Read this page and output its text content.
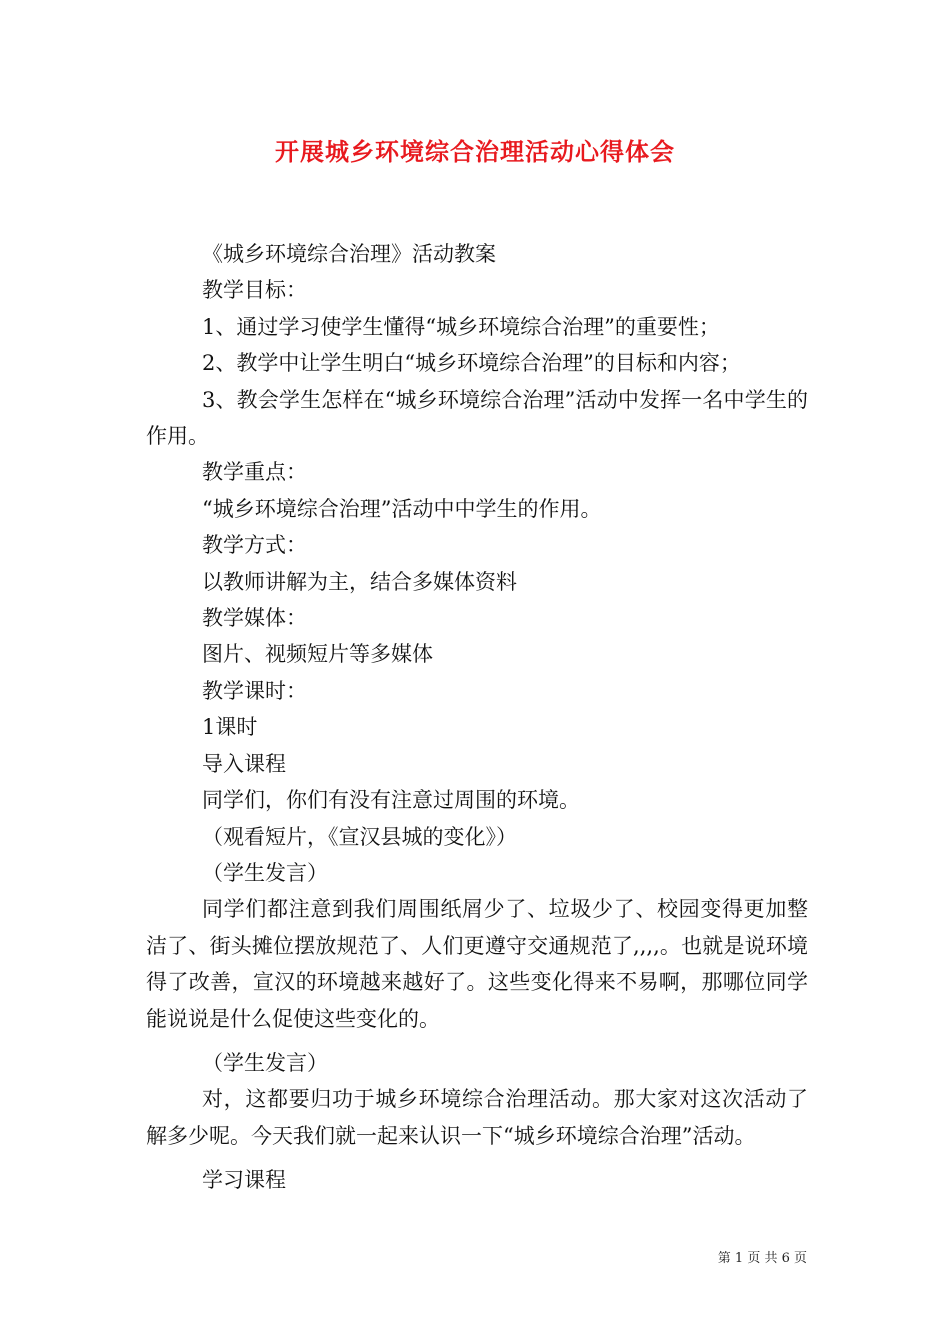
开展城乡环境综合治理活动心得体会

《城乡环境综合治理》活动教案

教学目标：

1、通过学习使学生懂得“城乡环境综合治理”的重要性；

2、教学中让学生明白“城乡环境综合治理”的目标和内容；

3、教会学生怎样在“城乡环境综合治理”活动中发挥一名中学生的作用。

教学重点：

“城乡环境综合治理”活动中中学生的作用。

教学方式：

以教师讲解为主，结合多媒体资料

教学媒体：

图片、视频短片等多媒体

教学课时：

1课时

导入课程

同学们，你们有没有注意过周围的环境。

（观看短片，《宣汉县城的变化》）

（学生发言）

同学们都注意到我们周围纸屑少了、垃圾少了、校园变得更加整洁了、街头摊位摆放规范了、人们更遵守交通规范了,,,,。也就是说环境得了改善，宣汉的环境越来越好了。这些变化得来不易啊，那哪位同学能说说是什么促使这些变化的。

（学生发言）

对，这都要归功于城乡环境综合治理活动。那大家对这次活动了解多少呢。今天我们就一起来认识一下“城乡环境综合治理”活动。

学习课程

第 1 页 共 6 页
